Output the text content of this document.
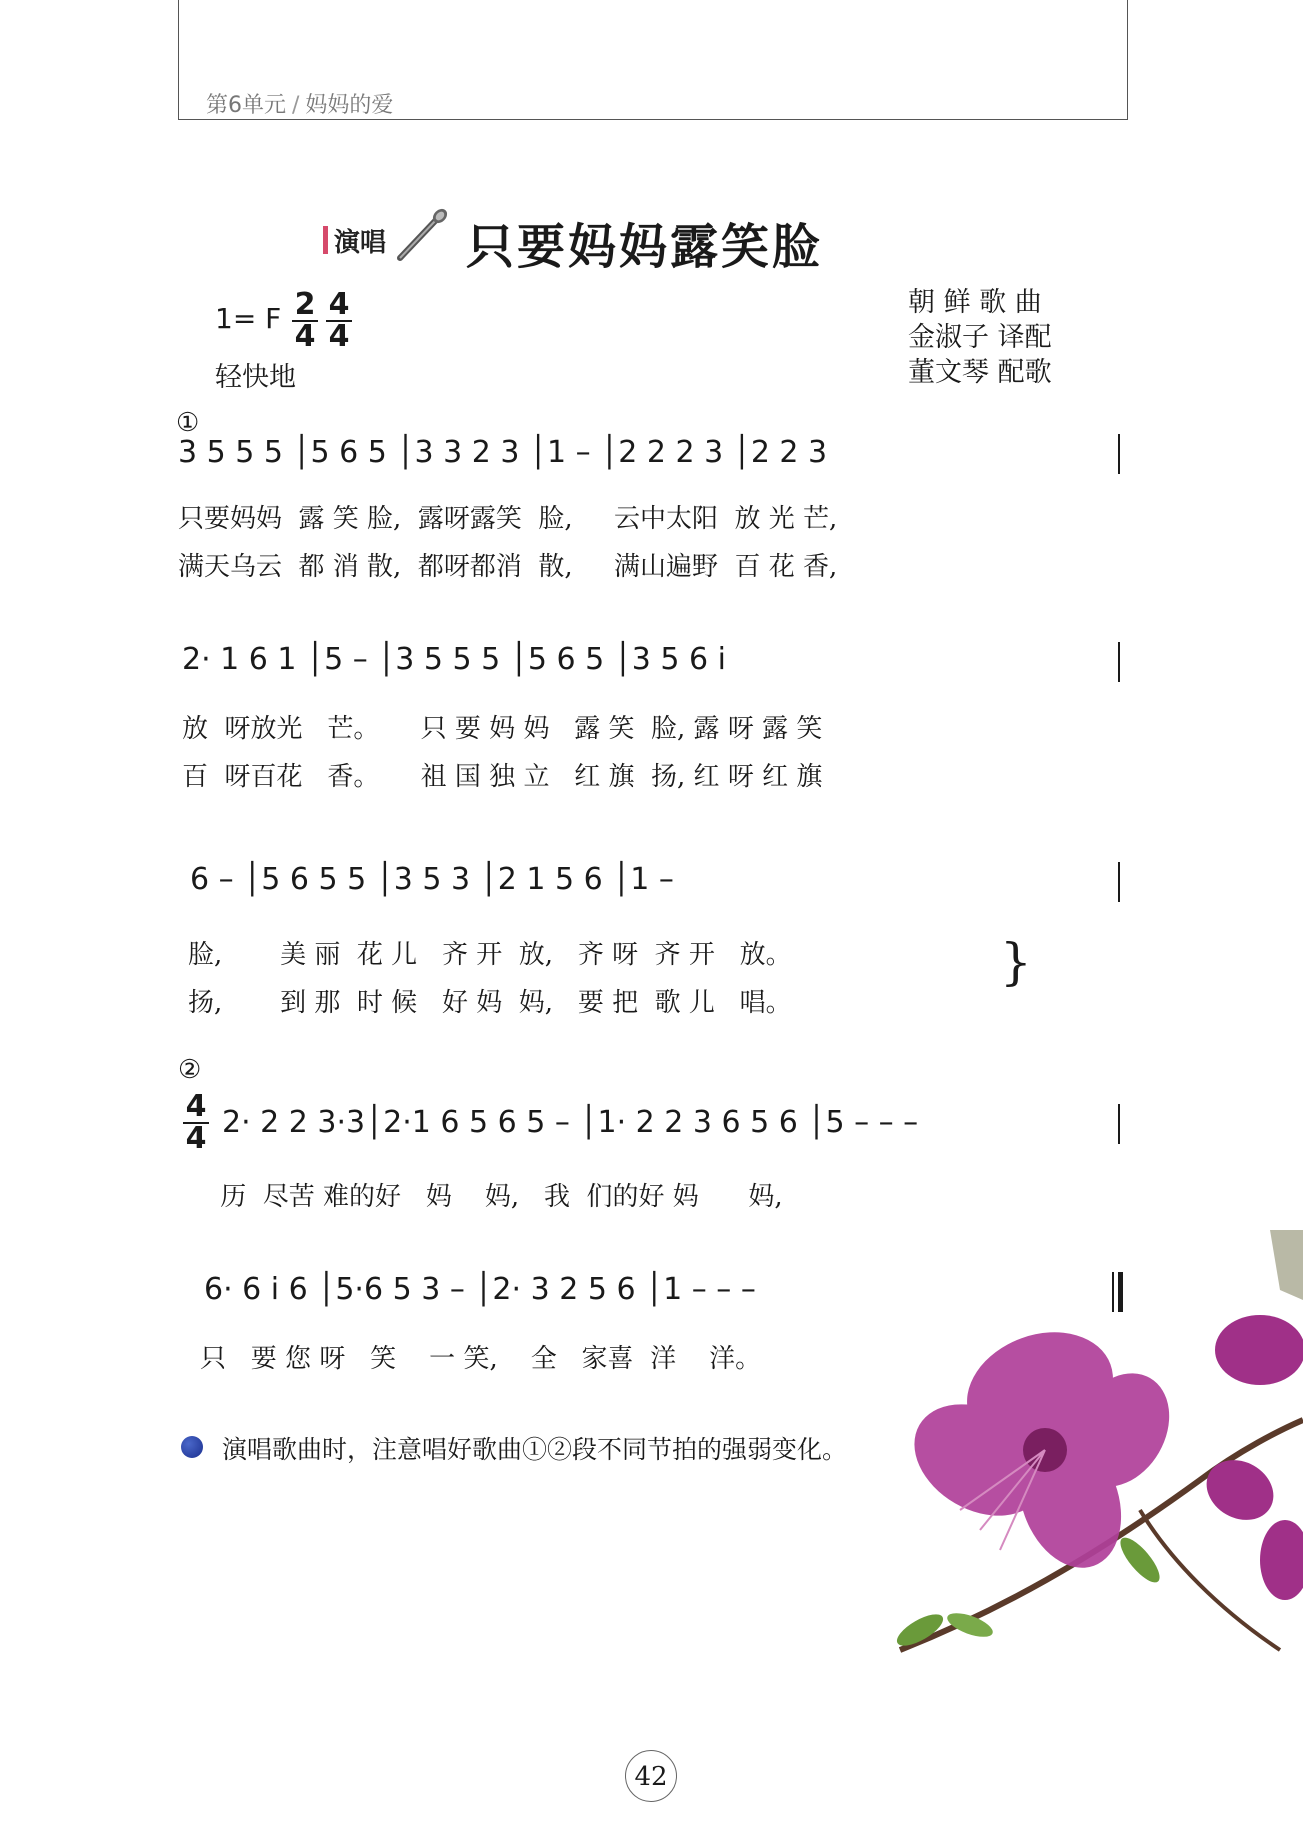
第6单元 / 妈妈的爱
演唱 只要妈妈露笑脸
1= F $\frac{2}{4} \frac{4}{4}$
轻快地
朝 鲜 歌 曲
金淑子 译配
董文琴 配歌
①
3 5 5 5 │5 6 5 │3 3 2 3 │1 – │2 2 2 3 │2 2 3
只要妈妈  露 笑 脸,  露呀露笑  脸,     云中太阳  放 光 芒,
满天乌云  都 消 散,  都呀都消  散,     满山遍野  百 花 香,
2· 1 6 1 │5 – │3 5 5 5 │5 6 5 │3 5 6 i
放  呀放光   芒。     只 要 妈 妈   露 笑  脸, 露 呀 露 笑
百  呀百花   香。     祖 国 独 立   红 旗  扬, 红 呀 红 旗
6 – │5 6 5 5 │3 5 3 │2 1 5 6 │1 –
脸,       美 丽  花 儿   齐 开  放,   齐 呀  齐 开   放。
扬,       到 那  时 候   好 妈  妈,   要 把  歌 儿   唱。
}
②
$\frac{4}{4} 2\cdot 2$ 2 3·3│2·1 6 5 6 5 – │1· 2 2 3 6 5 6 │5 – – –
历  尽苦 难的好   妈    妈,   我  们的好 妈      妈,
6· 6 i 6 │5·6 5 3 – │2· 3 2 5 6 │1 – – –
只   要 您 呀   笑    一 笑,    全   家喜  洋    洋。
演唱歌曲时，注意唱好歌曲①②段不同节拍的强弱变化。
42
